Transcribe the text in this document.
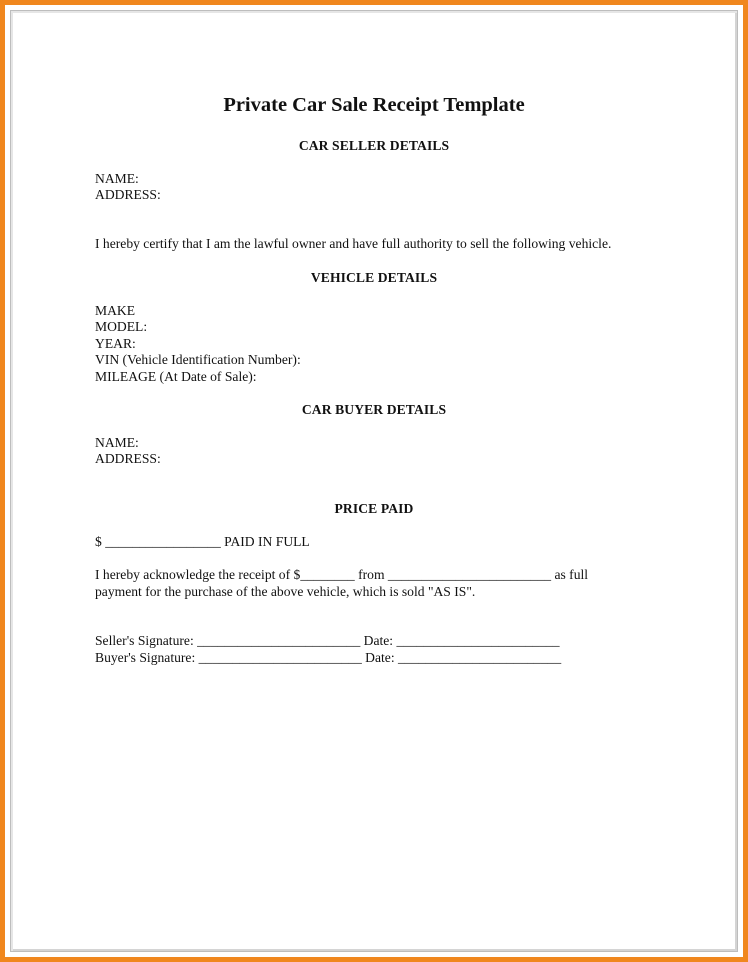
Private Car Sale Receipt Template
CAR SELLER DETAILS
NAME:
ADDRESS:
I hereby certify that I am the lawful owner and have full authority to sell the following vehicle.
VEHICLE DETAILS
MAKE
MODEL:
YEAR:
VIN (Vehicle Identification Number):
MILEAGE (At Date of Sale):
CAR BUYER DETAILS
NAME:
ADDRESS:
PRICE PAID
$ _________________ PAID IN FULL
I hereby acknowledge the receipt of $________ from ________________________ as full
payment for the purchase of the above vehicle, which is sold "AS IS".
Seller's Signature: ________________________ Date: ________________________
Buyer's Signature: ________________________ Date: ________________________
